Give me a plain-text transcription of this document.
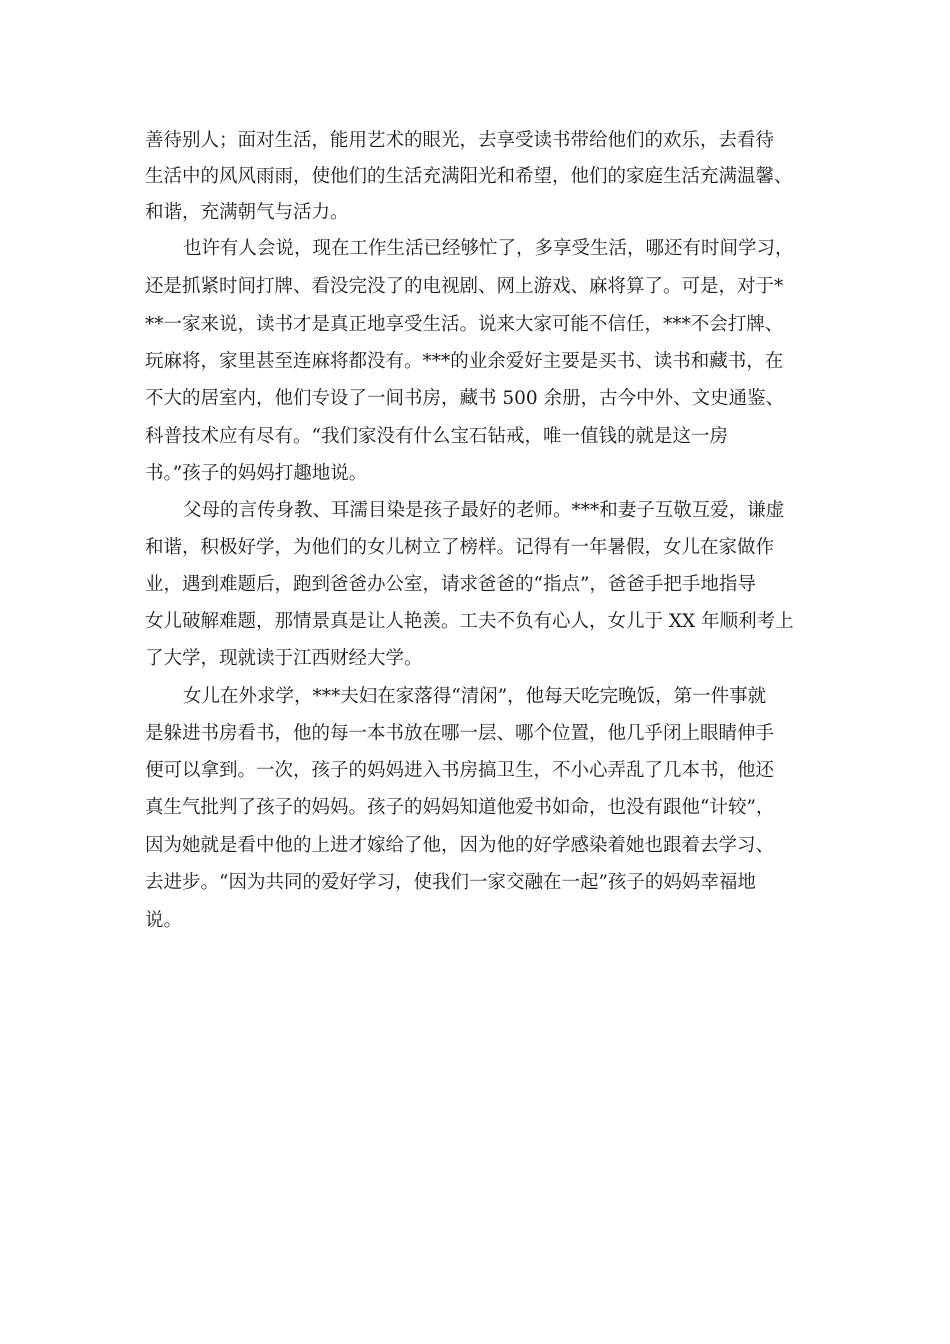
善待别人；面对生活，能用艺术的眼光，去享受读书带给他们的欢乐，去看待
生活中的风风雨雨，使他们的生活充满阳光和希望，他们的家庭生活充满温馨、
和谐，充满朝气与活力。
也许有人会说，现在工作生活已经够忙了，多享受生活，哪还有时间学习，
还是抓紧时间打牌、看没完没了的电视剧、网上游戏、麻将算了。可是，对于*
**一家来说，读书才是真正地享受生活。说来大家可能不信任，***不会打牌、
玩麻将，家里甚至连麻将都没有。***的业余爱好主要是买书、读书和藏书，在
不大的居室内，他们专设了一间书房，藏书 500 余册，古今中外、文史通鉴、
科普技术应有尽有。“我们家没有什么宝石钻戒，唯一值钱的就是这一房
书。”孩子的妈妈打趣地说。
父母的言传身教、耳濡目染是孩子最好的老师。***和妻子互敬互爱，谦虚
和谐，积极好学，为他们的女儿树立了榜样。记得有一年暑假，女儿在家做作
业，遇到难题后，跑到爸爸办公室，请求爸爸的“指点”，爸爸手把手地指导
女儿破解难题，那情景真是让人艳羡。工夫不负有心人，女儿于 XX 年顺利考上
了大学，现就读于江西财经大学。
女儿在外求学，***夫妇在家落得“清闲”，他每天吃完晚饭，第一件事就
是躲进书房看书，他的每一本书放在哪一层、哪个位置，他几乎闭上眼睛伸手
便可以拿到。一次，孩子的妈妈进入书房搞卫生，不小心弄乱了几本书，他还
真生气批判了孩子的妈妈。孩子的妈妈知道他爱书如命，也没有跟他“计较”，
因为她就是看中他的上进才嫁给了他，因为他的好学感染着她也跟着去学习、
去进步。“因为共同的爱好学习，使我们一家交融在一起”孩子的妈妈幸福地
说。
